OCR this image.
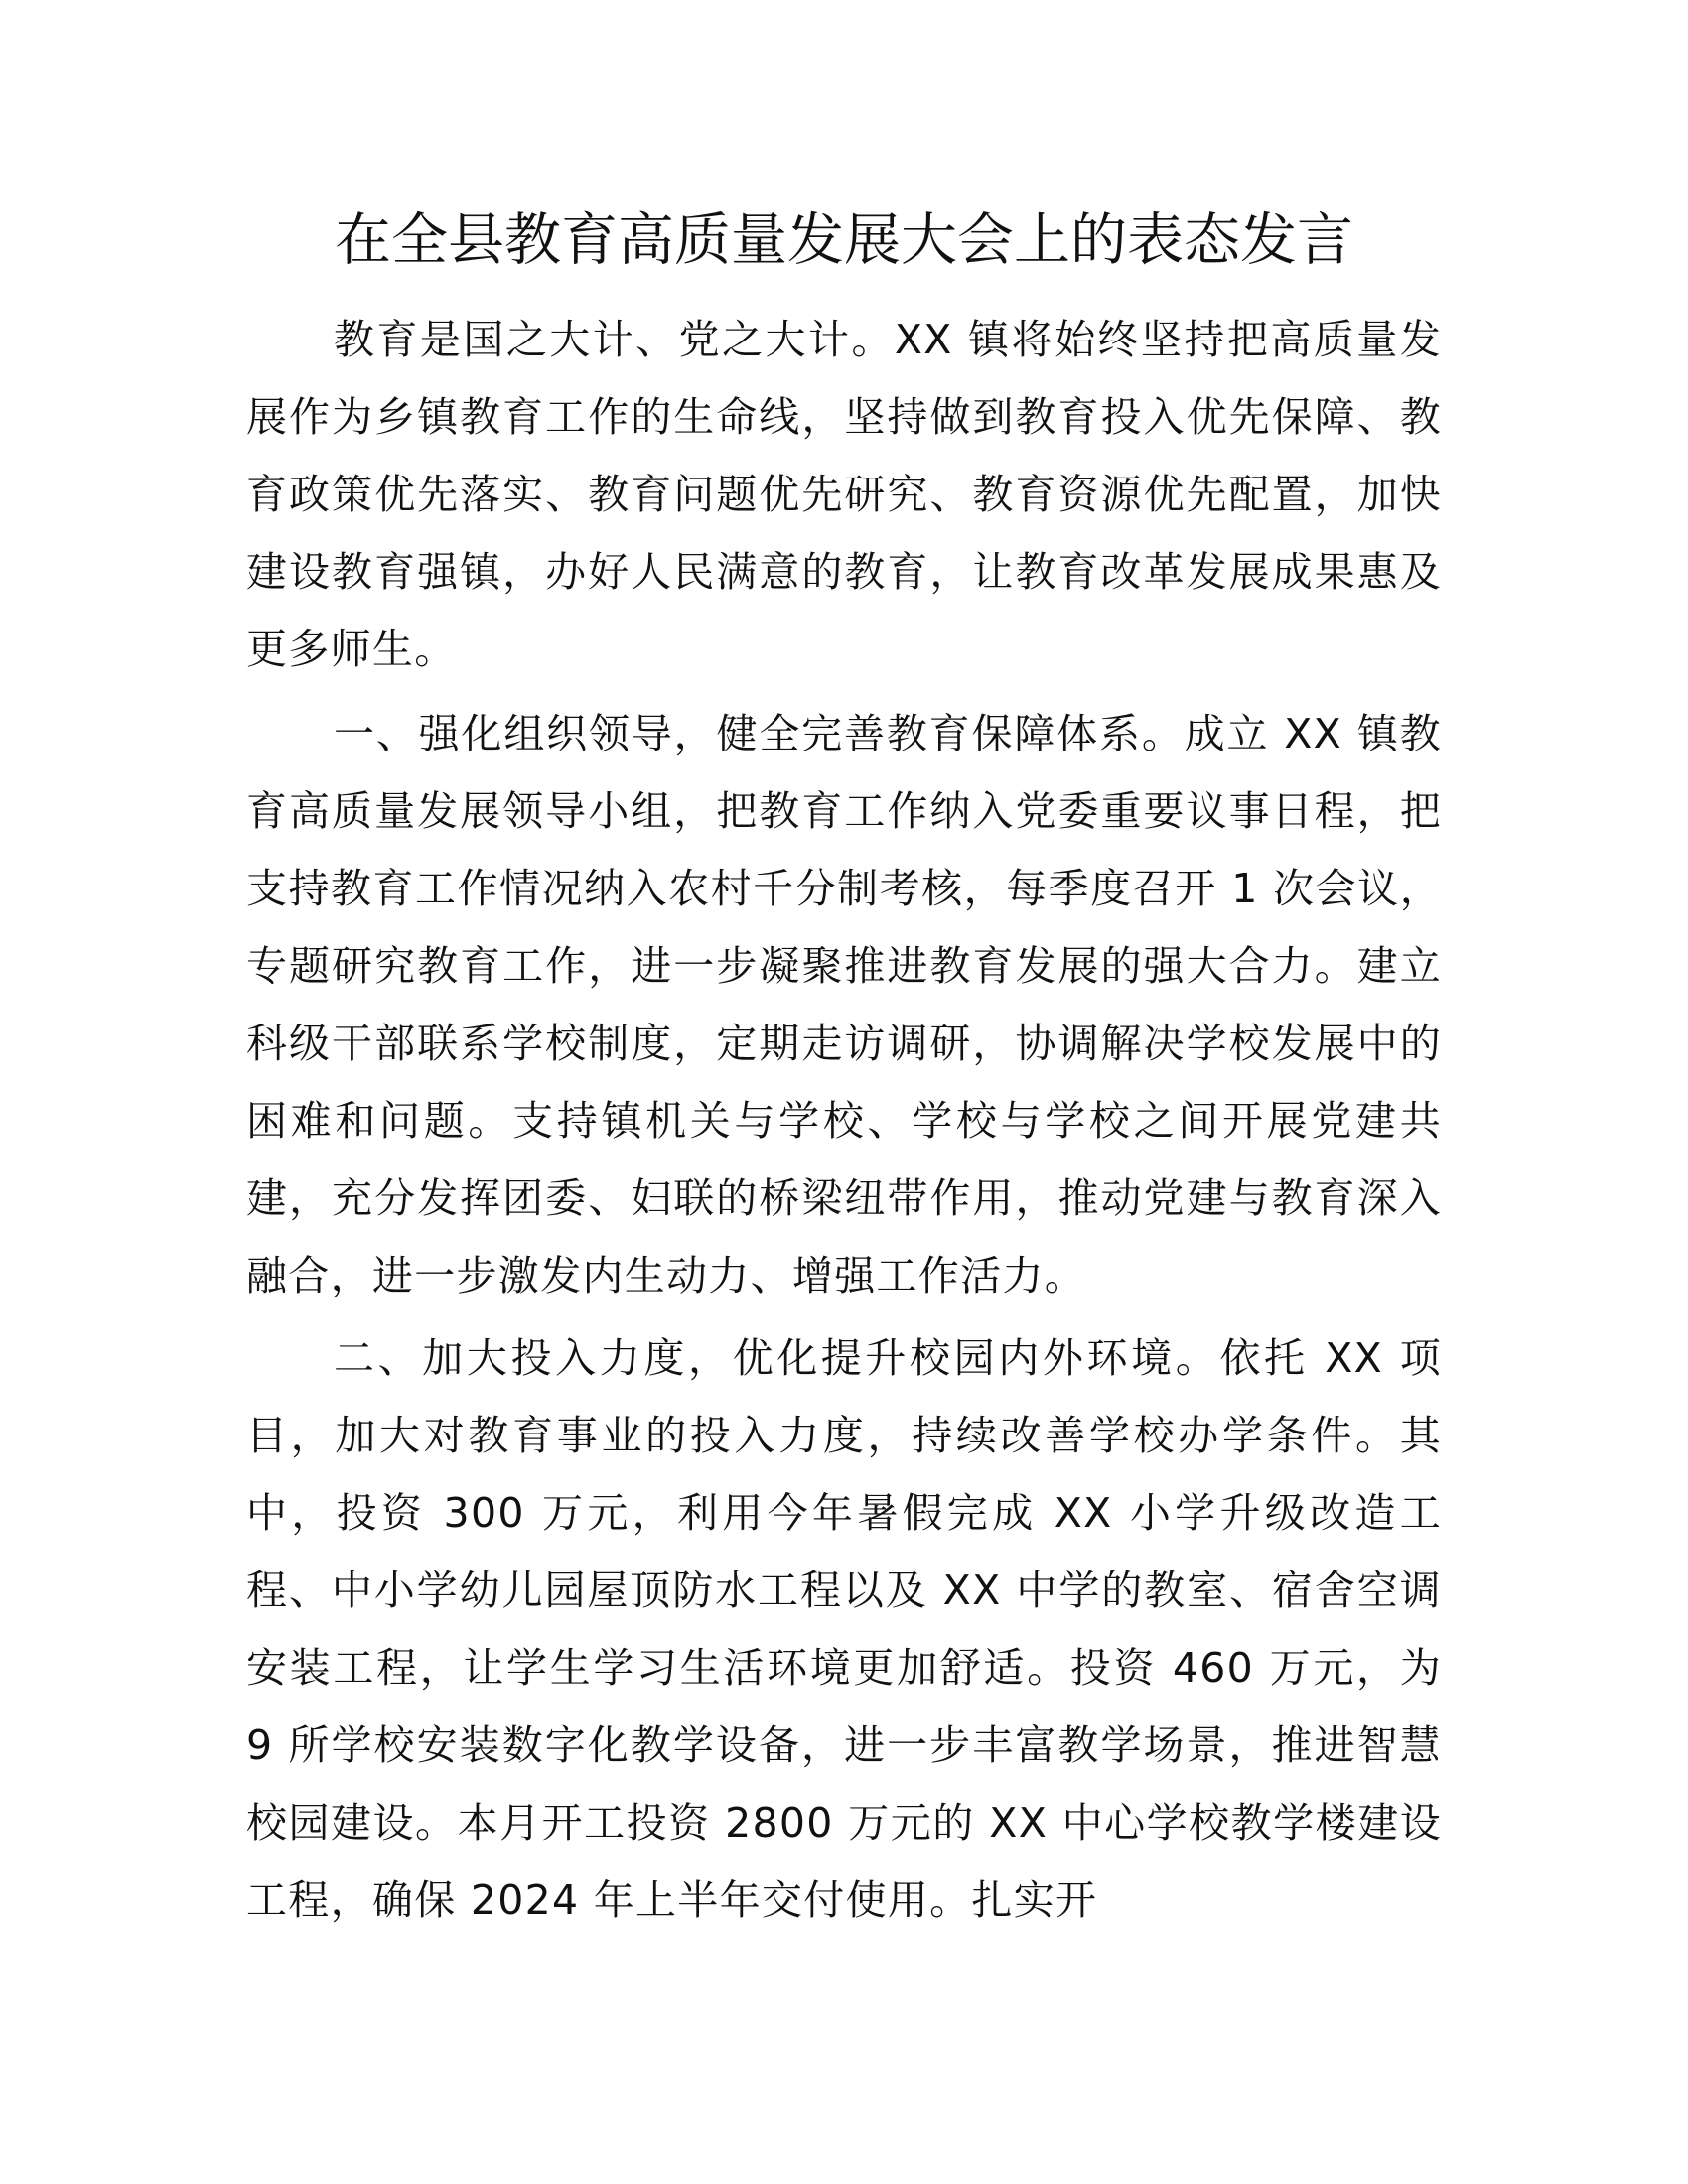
在全县教育高质量发展大会上的表态发言

教育是国之大计、党之大计。XX 镇将始终坚持把高质量发展作为乡镇教育工作的生命线，坚持做到教育投入优先保障、教育政策优先落实、教育问题优先研究、教育资源优先配置，加快建设教育强镇，办好人民满意的教育，让教育改革发展成果惠及更多师生。

一、强化组织领导，健全完善教育保障体系。成立 XX 镇教育高质量发展领导小组，把教育工作纳入党委重要议事日程，把支持教育工作情况纳入农村千分制考核，每季度召开 1 次会议，专题研究教育工作，进一步凝聚推进教育发展的强大合力。建立科级干部联系学校制度，定期走访调研，协调解决学校发展中的困难和问题。支持镇机关与学校、学校与学校之间开展党建共建，充分发挥团委、妇联的桥梁纽带作用，推动党建与教育深入融合，进一步激发内生动力、增强工作活力。

二、加大投入力度，优化提升校园内外环境。依托 XX 项目，加大对教育事业的投入力度，持续改善学校办学条件。其中，投资 300 万元，利用今年暑假完成 XX 小学升级改造工程、中小学幼儿园屋顶防水工程以及 XX 中学的教室、宿舍空调安装工程，让学生学习生活环境更加舒适。投资 460 万元，为 9 所学校安装数字化教学设备，进一步丰富教学场景，推进智慧校园建设。本月开工投资 2800 万元的 XX 中心学校教学楼建设工程，确保 2024 年上半年交付使用。扎实开
